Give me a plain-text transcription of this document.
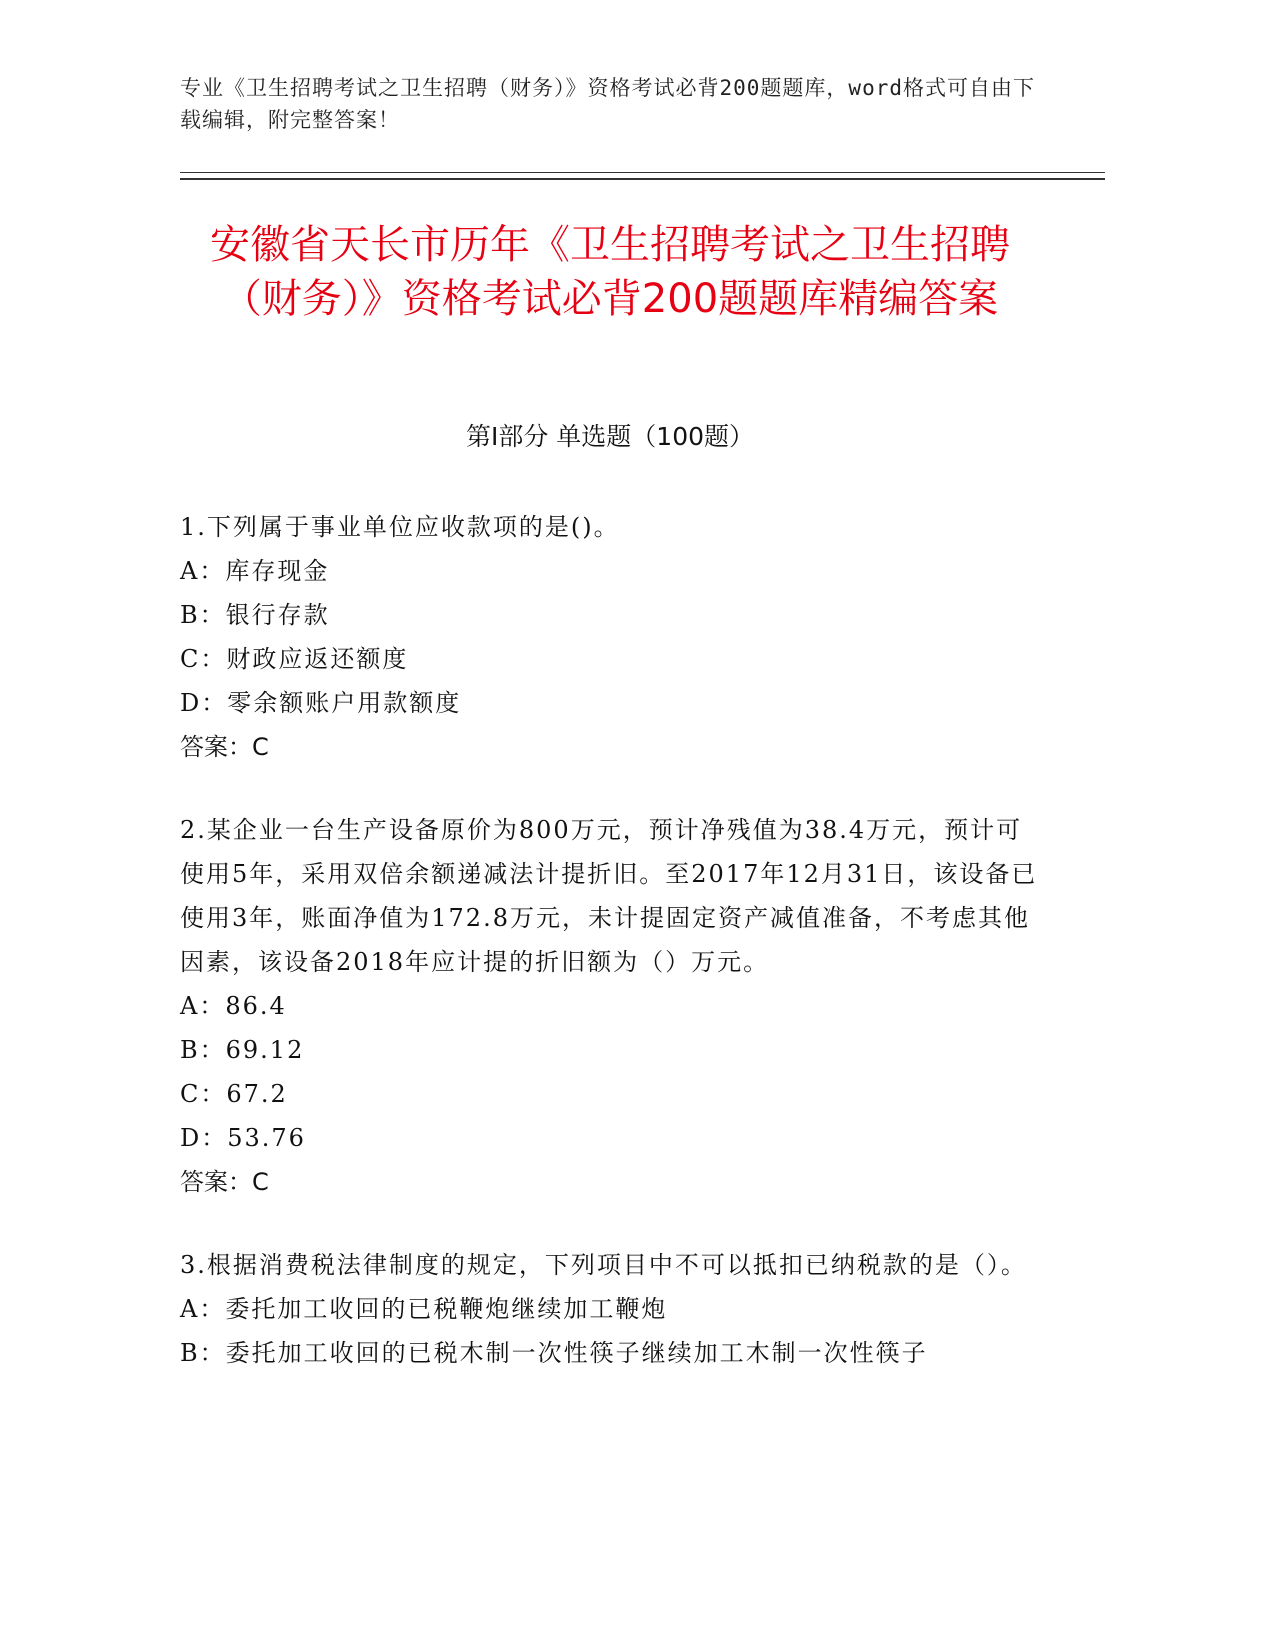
专业《卫生招聘考试之卫生招聘（财务）》资格考试必背200题题库，word格式可自由下载编辑，附完整答案！
安徽省天长市历年《卫生招聘考试之卫生招聘（财务）》资格考试必背200题题库精编答案
第I部分 单选题（100题）
1.下列属于事业单位应收款项的是()。
A：库存现金
B：银行存款
C：财政应返还额度
D：零余额账户用款额度
答案：C
2.某企业一台生产设备原价为800万元，预计净残值为38.4万元，预计可使用5年，采用双倍余额递减法计提折旧。至2017年12月31日，该设备已使用3年，账面净值为172.8万元，未计提固定资产减值准备，不考虑其他因素，该设备2018年应计提的折旧额为（）万元。
A：86.4
B：69.12
C：67.2
D：53.76
答案：C
3.根据消费税法律制度的规定，下列项目中不可以抵扣已纳税款的是（）。
A：委托加工收回的已税鞭炮继续加工鞭炮
B：委托加工收回的已税木制一次性筷子继续加工木制一次性筷子
